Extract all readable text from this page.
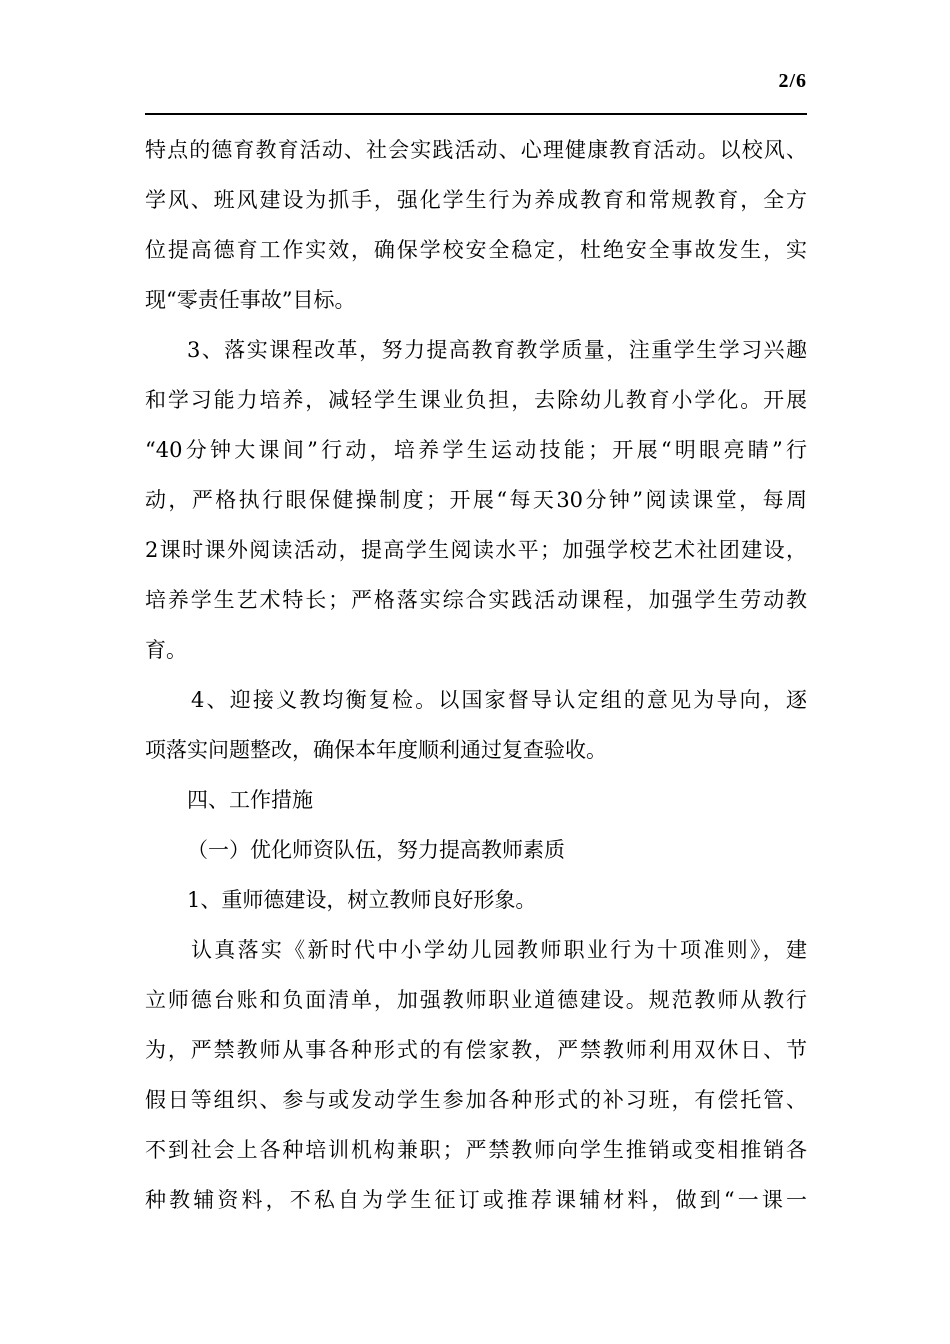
2/6
特点的德育教育活动、社会实践活动、心理健康教育活动。以校风、
学风、班风建设为抓手，强化学生行为养成教育和常规教育，全方
位提高德育工作实效，确保学校安全稳定，杜绝安全事故发生，实
现“零责任事故”目标。
3、落实课程改革，努力提高教育教学质量，注重学生学习兴趣
和学习能力培养，减轻学生课业负担，去除幼儿教育小学化。开展
“40分钟大课间”行动，培养学生运动技能；开展“明眼亮睛”行
动，严格执行眼保健操制度；开展“每天30分钟”阅读课堂，每周
2课时课外阅读活动，提高学生阅读水平；加强学校艺术社团建设，
培养学生艺术特长；严格落实综合实践活动课程，加强学生劳动教
育。
4、迎接义教均衡复检。以国家督导认定组的意见为导向，逐
项落实问题整改，确保本年度顺利通过复查验收。
四、工作措施
（一）优化师资队伍，努力提高教师素质
1、重师德建设，树立教师良好形象。
认真落实《新时代中小学幼儿园教师职业行为十项准则》，建
立师德台账和负面清单，加强教师职业道德建设。规范教师从教行
为，严禁教师从事各种形式的有偿家教，严禁教师利用双休日、节
假日等组织、参与或发动学生参加各种形式的补习班，有偿托管、
不到社会上各种培训机构兼职；严禁教师向学生推销或变相推销各
种教辅资料，不私自为学生征订或推荐课辅材料，做到“一课一
